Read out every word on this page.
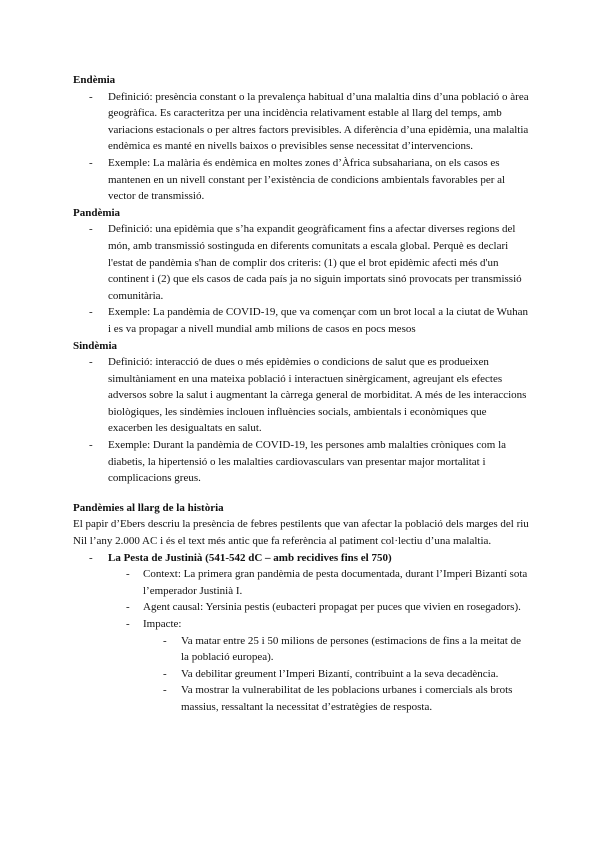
Endèmia
- Definició: presència constant o la prevalença habitual d’una malaltia dins d’una població o àrea geogràfica. Es caracteritza per una incidència relativament estable al llarg del temps, amb variacions estacionals o per altres factors previsibles. A diferència d’una epidèmia, una malaltia endèmica es manté en nivells baixos o previsibles sense necessitat d’intervencions.
- Exemple: La malària és endèmica en moltes zones d’Àfrica subsahariana, on els casos es mantenen en un nivell constant per l’existència de condicions ambientals favorables per al vector de transmissió.
Pandèmia
- Definició: una epidèmia que s’ha expandit geogràficament fins a afectar diverses regions del món, amb transmissió sostinguda en diferents comunitats a escala global. Perquè es declari l'estat de pandèmia s'han de complir dos criteris: (1) que el brot epidèmic afecti més d'un continent i (2) que els casos de cada país ja no siguin importats sinó provocats per transmissió comunitària.
- Exemple: La pandèmia de COVID-19, que va començar com un brot local a la ciutat de Wuhan i es va propagar a nivell mundial amb milions de casos en pocs mesos
Sindèmia
- Definició: interacció de dues o més epidèmies o condicions de salut que es produeixen simultàniament en una mateixa població i interactuen sinèrgicament, agreujant els efectes adversos sobre la salut i augmentant la càrrega general de morbiditat. A més de les interaccions biològiques, les sindèmies inclouen influències socials, ambientals i econòmiques que exacerben les desigualtats en salut.
- Exemple: Durant la pandèmia de COVID-19, les persones amb malalties cròniques com la diabetis, la hipertensió o les malalties cardiovasculars van presentar major mortalitat i complicacions greus.
Pandèmies al llarg de la història

El papir d’Ebers descriu la presència de febres pestilents que van afectar la població dels marges del riu Nil l’any 2.000 AC i és el text més antic que fa referència al patiment col·lectiu d’una malaltia.

- La Pesta de Justinià (541-542 dC – amb recidives fins el 750)
- Context: La primera gran pandèmia de pesta documentada, durant l’Imperi Bizantí sota l’emperador Justinià I.
- Agent causal: Yersinia pestis (eubacteri propagat per puces que vivien en rosegadors).
- Impacte:
- Va matar entre 25 i 50 milions de persones (estimacions de fins a la meitat de la població europea).
- Va debilitar greument l’Imperi Bizantí, contribuint a la seva decadència.
- Va mostrar la vulnerabilitat de les poblacions urbanes i comercials als brots massius, ressaltant la necessitat d’estratègies de resposta.
